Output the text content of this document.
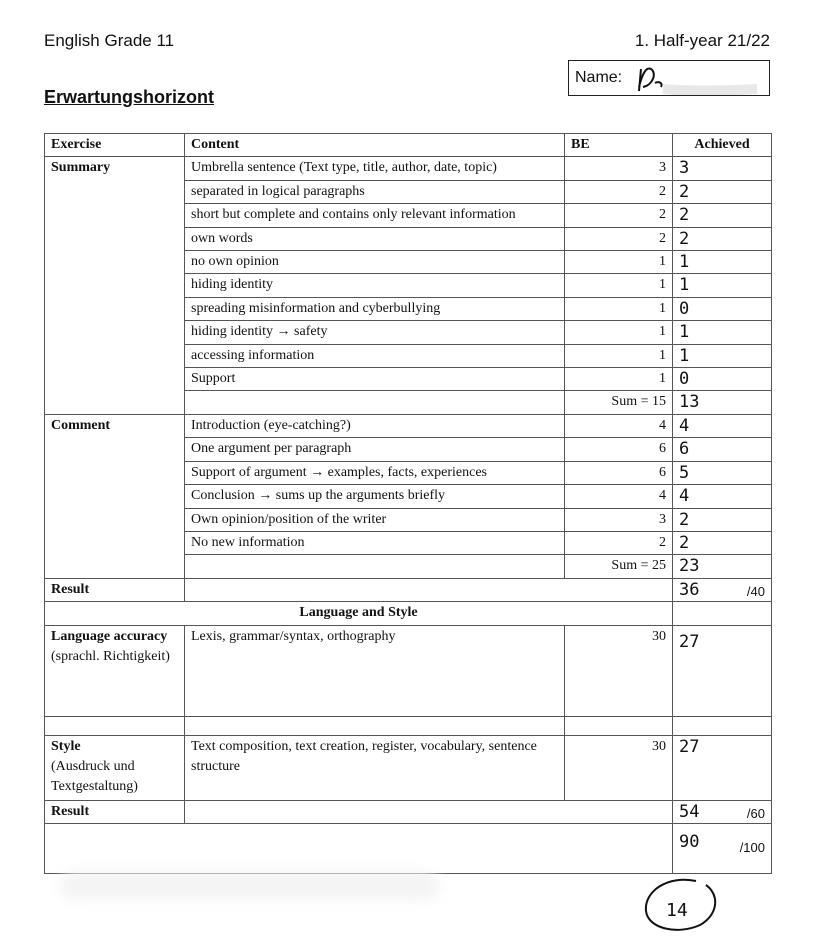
English Grade 11	1. Half-year 21/22
Erwartungshorizont
Name:
Exercise	Content	BE	Achieved
Summary	Umbrella sentence (Text type, title, author, date, topic)	3	3
	separated in logical paragraphs	2	2
	short but complete and contains only relevant information	2	2
	own words	2	2
	no own opinion	1	1
	hiding identity	1	1
	spreading misinformation and cyberbullying	1	0
	hiding identity → safety	1	1
	accessing information	1	1
	Support	1	0
		Sum = 15	13
Comment	Introduction (eye-catching?)	4	4
	One argument per paragraph	6	6
	Support of argument → examples, facts, experiences	6	5
	Conclusion → sums up the arguments briefly	4	4
	Own opinion/position of the writer	3	2
	No new information	2	2
		Sum = 25	23
Result			36 /40

Language and Style			
Language accuracy
(sprachl. Richtigkeit)	Lexis, grammar/syntax, orthography	30	27

Style
(Ausdruck und Textgestaltung)	Text composition, text creation, register, vocabulary, sentence structure	30	27
Result			54 /60

			90 /100
14
